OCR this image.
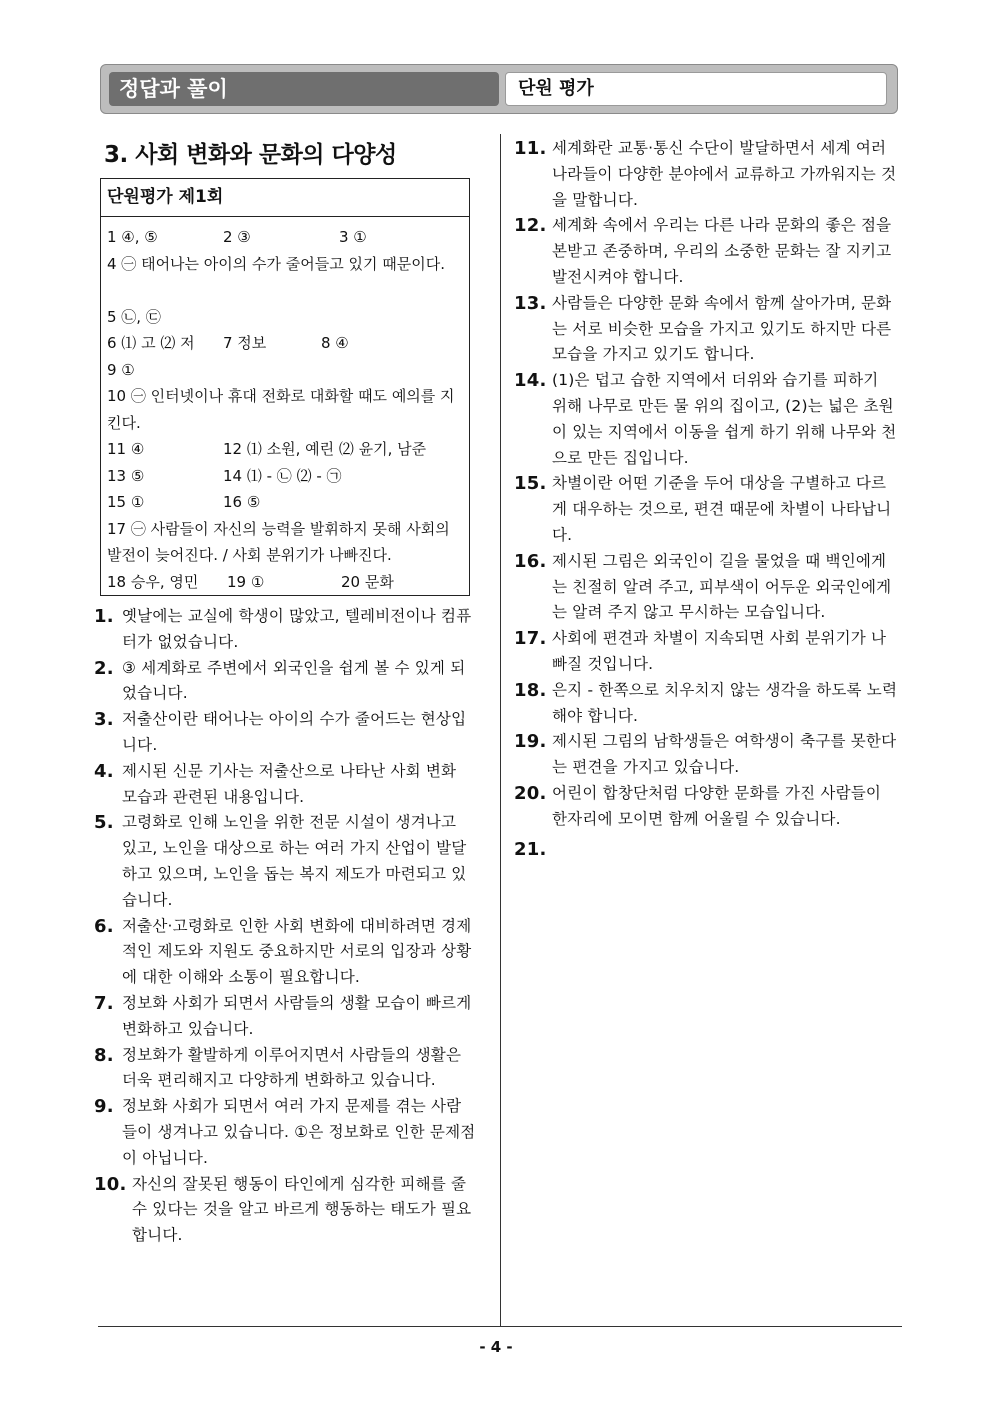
정답과 풀이	단원 평가
3. 사회 변화와 문화의 다양성
단원평가 제1회
1 ④, ⑤	2 ③	3 ①
4 ㊀ 태어나는 아이의 수가 줄어들고 있기 때문이다.
5 ㉡, ㉢
6 ⑴ 고 ⑵ 저 7 정보	8 ④
9 ①
10 ㊀ 인터넷이나 휴대 전화로 대화할 때도 예의를 지킨다.
11 ④	12 ⑴ 소원, 예린 ⑵ 윤기, 남준
13 ⑤	14 ⑴ - ㉡ ⑵ - ㉠
15 ①	16 ⑤
17 ㊀ 사람들이 자신의 능력을 발휘하지 못해 사회의 발전이 늦어진다. / 사회 분위기가 나빠진다.
18 승우, 영민 19 ①	20 문화
1. 옛날에는 교실에 학생이 많았고, 텔레비전이나 컴퓨터가 없었습니다.
2. ③ 세계화로 주변에서 외국인을 쉽게 볼 수 있게 되었습니다.
3. 저출산이란 태어나는 아이의 수가 줄어드는 현상입니다.
4. 제시된 신문 기사는 저출산으로 나타난 사회 변화 모습과 관련된 내용입니다.
5. 고령화로 인해 노인을 위한 전문 시설이 생겨나고 있고, 노인을 대상으로 하는 여러 가지 산업이 발달하고 있으며, 노인을 돕는 복지 제도가 마련되고 있습니다.
6. 저출산·고령화로 인한 사회 변화에 대비하려면 경제적인 제도와 지원도 중요하지만 서로의 입장과 상황에 대한 이해와 소통이 필요합니다.
7. 정보화 사회가 되면서 사람들의 생활 모습이 빠르게 변화하고 있습니다.
8. 정보화가 활발하게 이루어지면서 사람들의 생활은 더욱 편리해지고 다양하게 변화하고 있습니다.
9. 정보화 사회가 되면서 여러 가지 문제를 겪는 사람들이 생겨나고 있습니다. ①은 정보화로 인한 문제점이 아닙니다.
10. 자신의 잘못된 행동이 타인에게 심각한 피해를 줄 수 있다는 것을 알고 바르게 행동하는 태도가 필요합니다.
11. 세계화란 교통·통신 수단이 발달하면서 세계 여러 나라들이 다양한 분야에서 교류하고 가까워지는 것을 말합니다.
12. 세계화 속에서 우리는 다른 나라 문화의 좋은 점을 본받고 존중하며, 우리의 소중한 문화는 잘 지키고 발전시켜야 합니다.
13. 사람들은 다양한 문화 속에서 함께 살아가며, 문화는 서로 비슷한 모습을 가지고 있기도 하지만 다른 모습을 가지고 있기도 합니다.
14. (1)은 덥고 습한 지역에서 더위와 습기를 피하기 위해 나무로 만든 물 위의 집이고, (2)는 넓은 초원이 있는 지역에서 이동을 쉽게 하기 위해 나무와 천으로 만든 집입니다.
15. 차별이란 어떤 기준을 두어 대상을 구별하고 다르게 대우하는 것으로, 편견 때문에 차별이 나타납니다.
16. 제시된 그림은 외국인이 길을 물었을 때 백인에게는 친절히 알려 주고, 피부색이 어두운 외국인에게는 알려 주지 않고 무시하는 모습입니다.
17. 사회에 편견과 차별이 지속되면 사회 분위기가 나빠질 것입니다.
18. 은지 - 한쪽으로 치우치지 않는 생각을 하도록 노력해야 합니다.
19. 제시된 그림의 남학생들은 여학생이 축구를 못한다는 편견을 가지고 있습니다.
20. 어린이 합창단처럼 다양한 문화를 가진 사람들이 한자리에 모이면 함께 어울릴 수 있습니다.
21.
- 4 -
